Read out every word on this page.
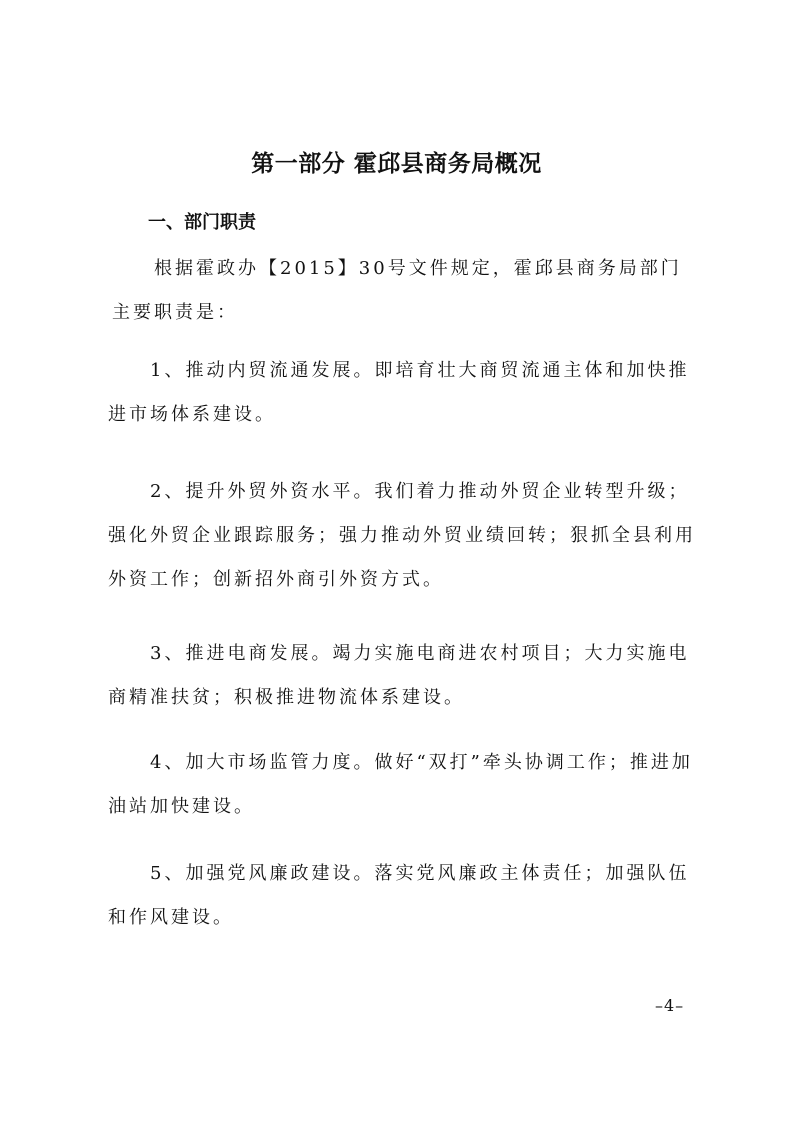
第一部分 霍邱县商务局概况
一、部门职责
根据霍政办【2015】30号文件规定，霍邱县商务局部门主要职责是：
1、推动内贸流通发展。即培育壮大商贸流通主体和加快推进市场体系建设。
2、提升外贸外资水平。我们着力推动外贸企业转型升级；强化外贸企业跟踪服务；强力推动外贸业绩回转；狠抓全县利用外资工作；创新招外商引外资方式。
3、推进电商发展。竭力实施电商进农村项目；大力实施电商精准扶贫；积极推进物流体系建设。
4、加大市场监管力度。做好“双打”牵头协调工作；推进加油站加快建设。
5、加强党风廉政建设。落实党风廉政主体责任；加强队伍和作风建设。
–4–
